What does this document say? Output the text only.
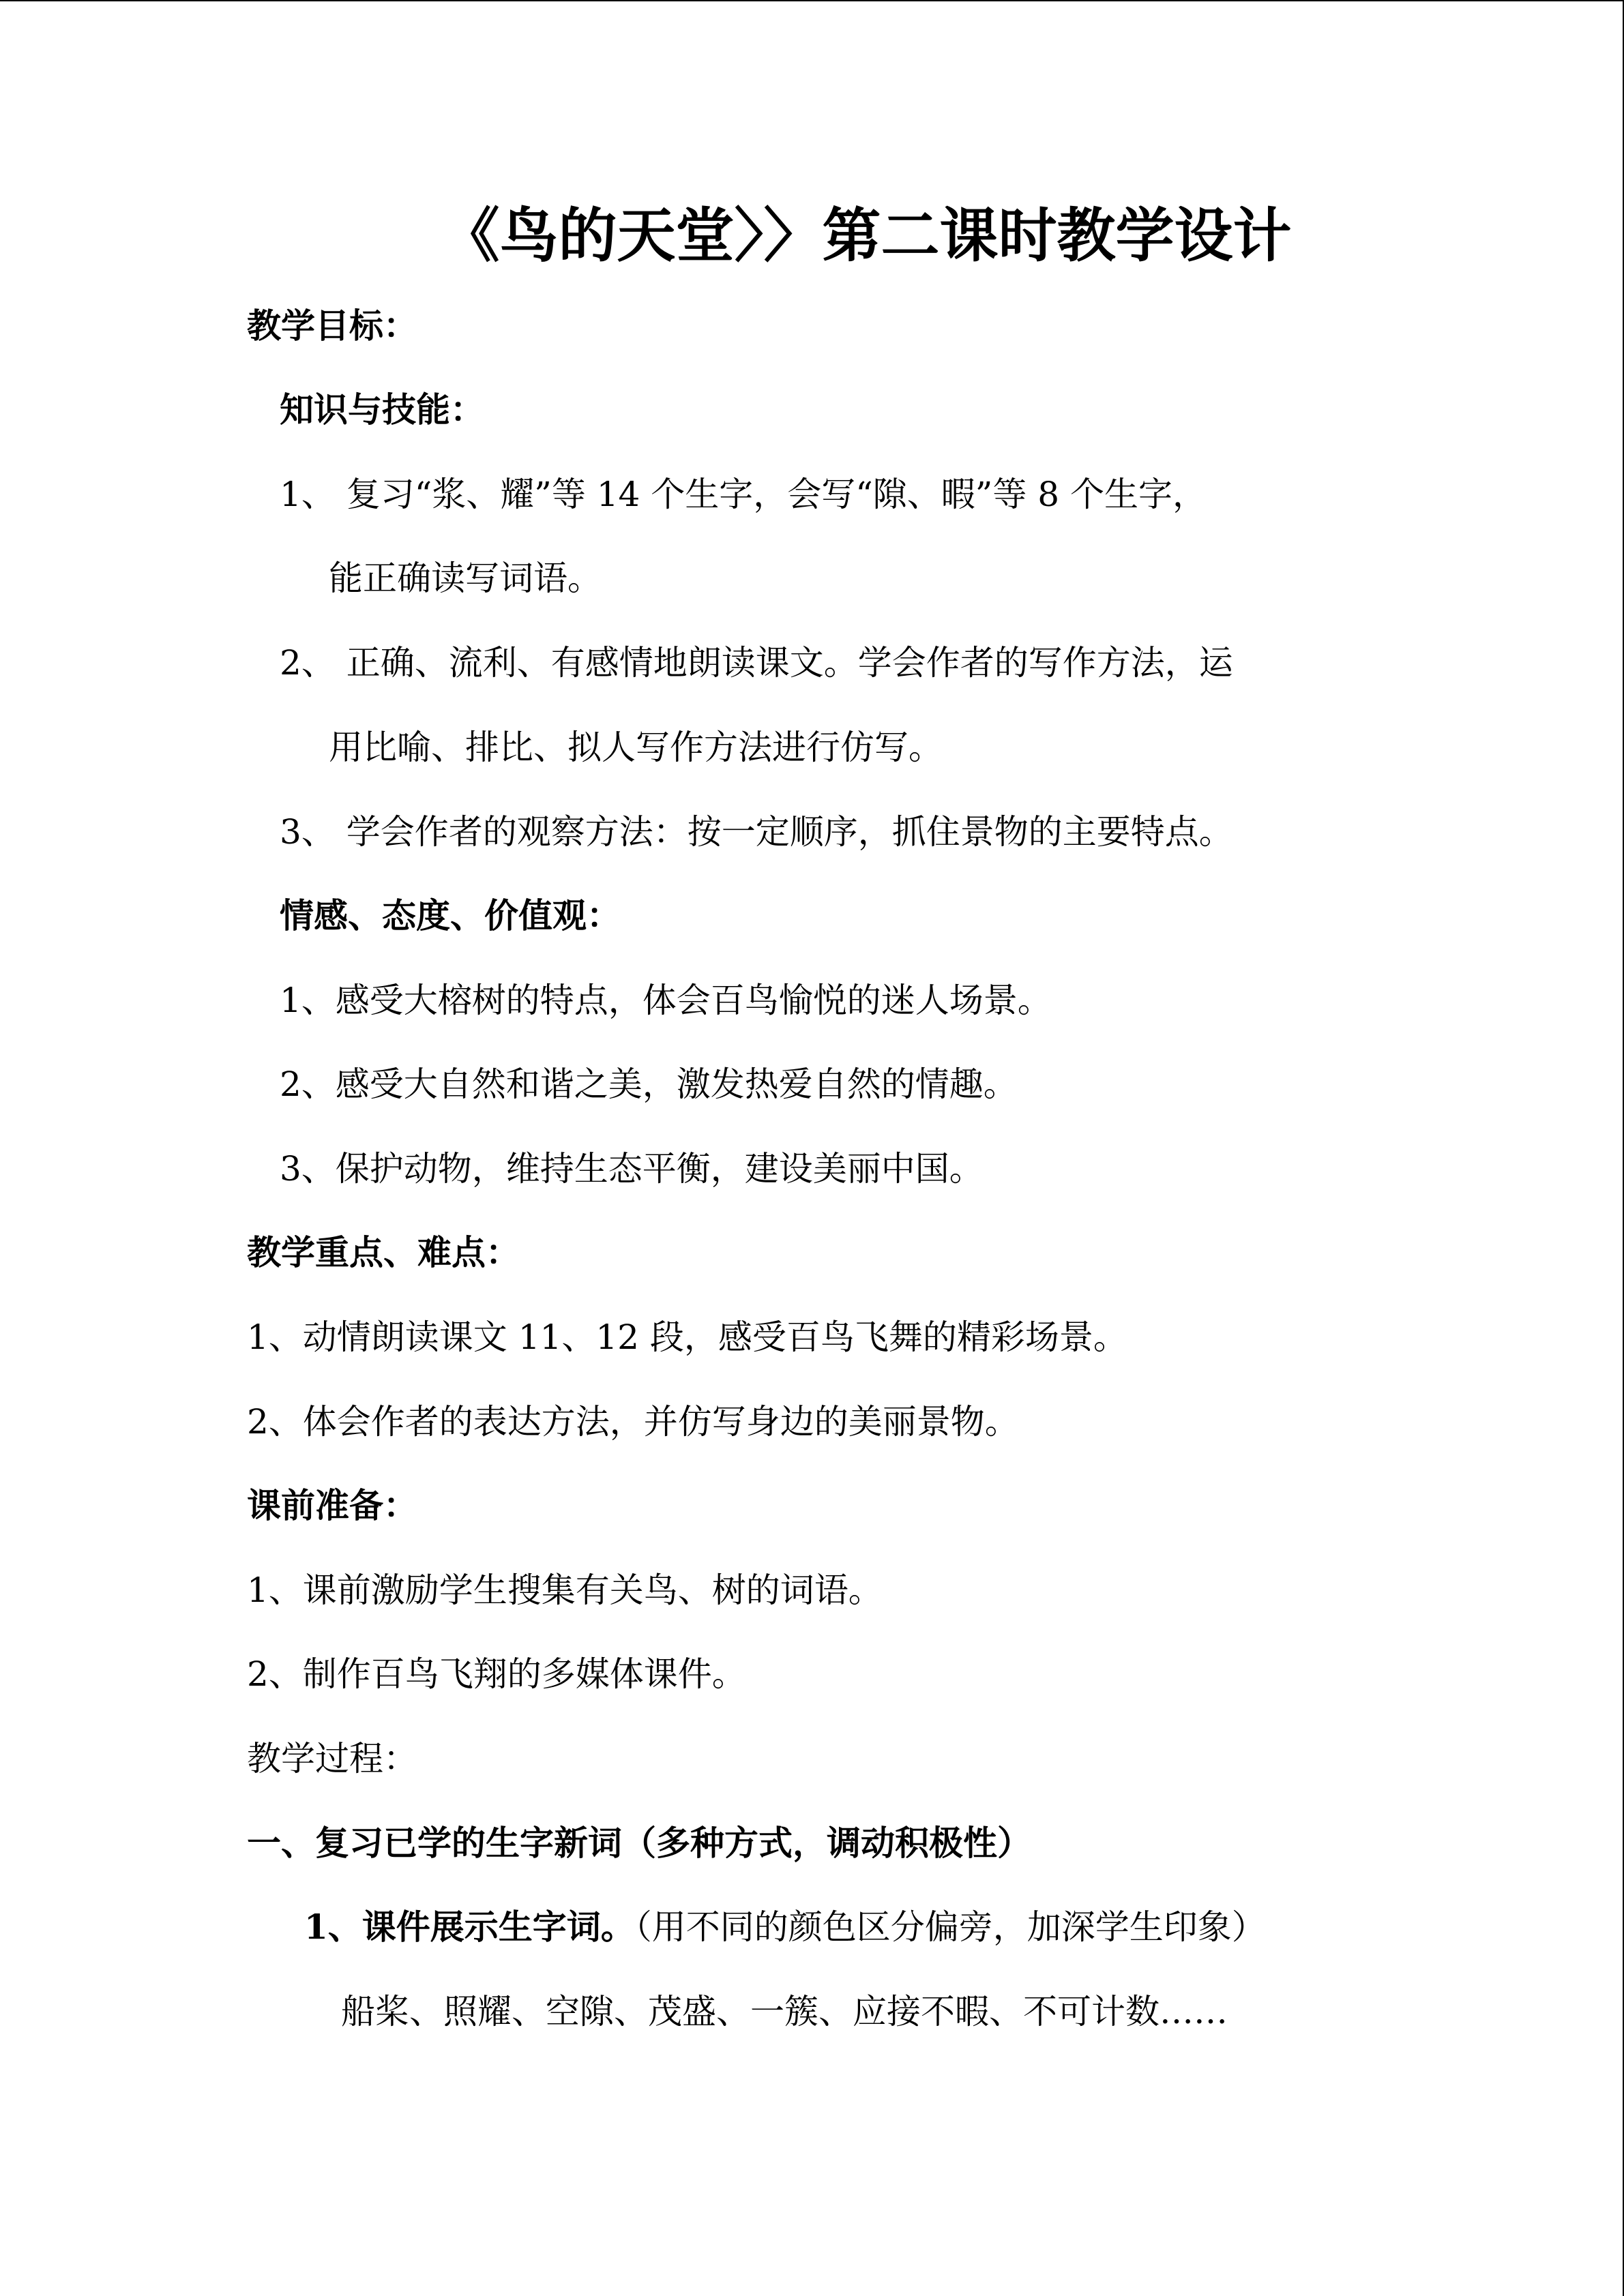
《鸟的天堂〉〉第二课时教学设计
教学目标：
知识与技能：
1、 复习“浆、耀”等 14 个生字，会写“隙、暇”等 8 个生字，
能正确读写词语。
2、 正确、流利、有感情地朗读课文。学会作者的写作方法，运
用比喻、排比、拟人写作方法进行仿写。
3、 学会作者的观察方法：按一定顺序，抓住景物的主要特点。
情感、态度、价值观：
1、感受大榕树的特点，体会百鸟愉悦的迷人场景。
2、感受大自然和谐之美，激发热爱自然的情趣。
3、保护动物，维持生态平衡，建设美丽中国。
教学重点、难点：
1、动情朗读课文 11、12 段，感受百鸟飞舞的精彩场景。
2、体会作者的表达方法，并仿写身边的美丽景物。
课前准备：
1、课前激励学生搜集有关鸟、树的词语。
2、制作百鸟飞翔的多媒体课件。
教学过程：
一、复习已学的生字新词（多种方式，调动积极性）
1、课件展示生字词。（用不同的颜色区分偏旁，加深学生印象）
船桨、照耀、空隙、茂盛、一簇、应接不暇、不可计数……
